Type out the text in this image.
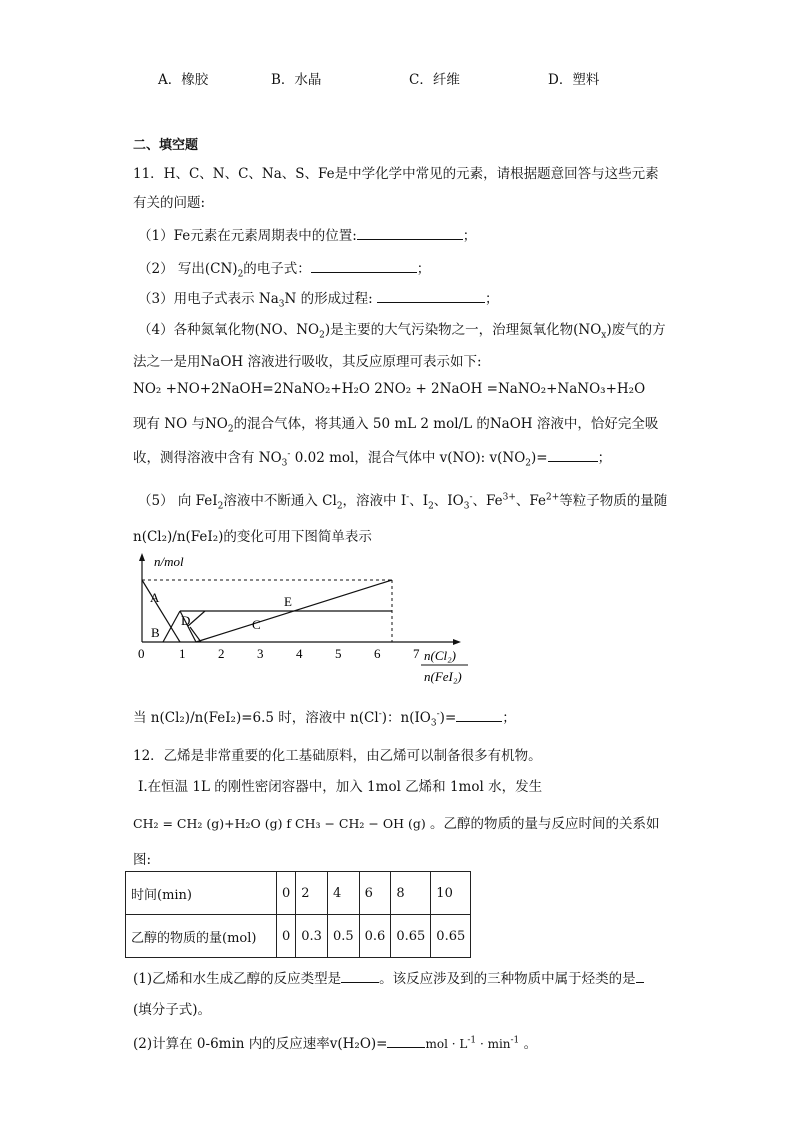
A．橡胶	B．水晶	C．纤维	D．塑料
二、填空题
11．H、C、N、C、Na、S、Fe是中学化学中常见的元素，请根据题意回答与这些元素
有关的问题:
（1）Fe元素在元素周期表中的位置:	；
（2） 写出$(CN)_2$的电子式：	；
（3）用电子式表示 $Na_3N$ 的形成过程:	；
（4）各种氮氧化物(NO、$NO_2$)是主要的大气污染物之一，治理氮氧化物$(NO_x)$废气的方
法之一是用NaOH 溶液进行吸收，其反应原理可表示如下:
NO₂ +NO+2NaOH=2NaNO₂+H₂O 2NO₂ + 2NaOH =NaNO₂+NaNO₃+H₂O
现有 NO 与$NO_2$的混合气体，将其通入 50 mL 2 mol/L 的NaOH 溶液中，恰好完全吸
收，测得溶液中含有 $NO_3^-$ 0.02 mol，混合气体中 v(NO): $v(NO_2)=$	；
（5） 向 FeI$_2$溶液中不断通入 $Cl_2$，溶液中 I-、$I_2$、$IO_3^-$、$Fe^{3+}$、$Fe^{2+}$等粒子物质的量随
n(Cl₂)/n(FeI₂)的变化可用下图简单表示
n/mol
A
B
D	C
E
0	1	2	3	4	5	6	7 n(Cl₂)
n(FeI₂)
当 n(Cl₂)/n(FeI₂)=6.5 时，溶液中 n(Cl-)：$n(IO_3^-)=$	；
12．乙烯是非常重要的化工基础原料，由乙烯可以制备很多有机物。
Ⅰ.在恒温 1L 的刚性密闭容器中，加入 1mol 乙烯和 1mol 水，发生
CH₂ = CH₂ (g)+H₂O (g) f CH₃ − CH₂ − OH (g) 。乙醇的物质的量与反应时间的关系如
图:
时间(min)	0	2	4	6	8	10
乙醇的物质的量(mol)	0	0.3	0.5	0.6	0.65	0.65
(1)乙烯和水生成乙醇的反应类型是	。该反应涉及到的三种物质中属于烃类的是
(填分子式)。
(2)计算在 0-6min 内的反应速率v(H₂O)=	mol · $L^{-1} \cdot \min^{-1}$ 。
